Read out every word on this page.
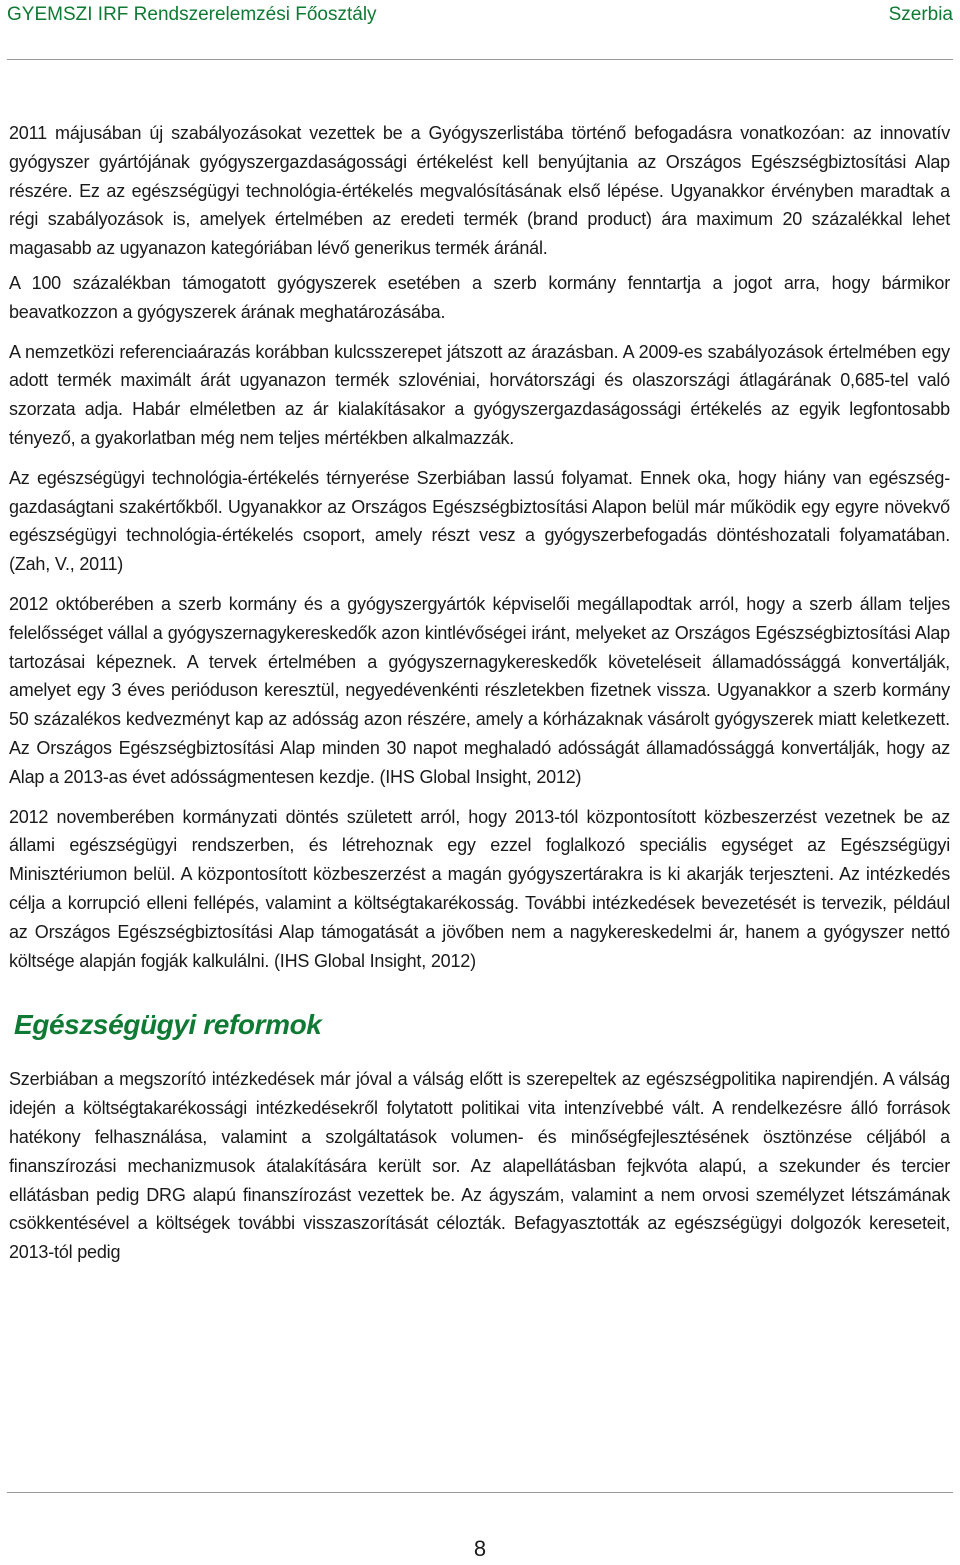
GYEMSZI IRF Rendszerelemzési Főosztály	Szerbia

2011 májusában új szabályozásokat vezettek be a Gyógyszerlistába történő befogadásra vonatkozóan: az innovatív gyógyszer gyártójának gyógyszergazdaságossági értékelést kell benyújtania az Országos Egészségbiztosítási Alap részére. Ez az egészségügyi technológia-értékelés megvalósításának első lépése. Ugyanakkor érvényben maradtak a régi szabályozások is, amelyek értelmében az eredeti termék (brand product) ára maximum 20 százalékkal lehet magasabb az ugyanazon kategóriában lévő generikus termék áránál.

A 100 százalékban támogatott gyógyszerek esetében a szerb kormány fenntartja a jogot arra, hogy bármikor beavatkozzon a gyógyszerek árának meghatározásába.

A nemzetközi referenciaárazás korábban kulcsszerepet játszott az árazásban. A 2009-es szabályozások értelmében egy adott termék maximált árát ugyanazon termék szlovéniai, horvátországi és olaszországi átlagárának 0,685-tel való szorzata adja. Habár elméletben az ár kialakításakor a gyógyszergazdaságossági értékelés az egyik legfontosabb tényező, a gyakorlatban még nem teljes mértékben alkalmazzák.

Az egészségügyi technológia-értékelés térnyerése Szerbiában lassú folyamat. Ennek oka, hogy hiány van egészség-gazdaságtani szakértőkből. Ugyanakkor az Országos Egészségbiztosítási Alapon belül már működik egy egyre növekvő egészségügyi technológia-értékelés csoport, amely részt vesz a gyógyszerbefogadás döntéshozatali folyamatában. (Zah, V., 2011)

2012 októberében a szerb kormány és a gyógyszergyártók képviselői megállapodtak arról, hogy a szerb állam teljes felelősséget vállal a gyógyszernagykereskedők azon kintlévőségei iránt, melyeket az Országos Egészségbiztosítási Alap tartozásai képeznek. A tervek értelmében a gyógyszernagykereskedők követeléseit államadóssággá konvertálják, amelyet egy 3 éves perióduson keresztül, negyedévenkénti részletekben fizetnek vissza. Ugyanakkor a szerb kormány 50 százalékos kedvezményt kap az adósság azon részére, amely a kórházaknak vásárolt gyógyszerek miatt keletkezett. Az Országos Egészségbiztosítási Alap minden 30 napot meghaladó adósságát államadóssággá konvertálják, hogy az Alap a 2013-as évet adósságmentesen kezdje. (IHS Global Insight, 2012)

2012 novemberében kormányzati döntés született arról, hogy 2013-tól központosított közbeszerzést vezetnek be az állami egészségügyi rendszerben, és létrehoznak egy ezzel foglalkozó speciális egységet az Egészségügyi Minisztériumon belül. A központosított közbeszerzést a magán gyógyszertárakra is ki akarják terjeszteni. Az intézkedés célja a korrupció elleni fellépés, valamint a költségtakarékosság. További intézkedések bevezetését is tervezik, például az Országos Egészségbiztosítási Alap támogatását a jövőben nem a nagykereskedelmi ár, hanem a gyógyszer nettó költsége alapján fogják kalkulálni. (IHS Global Insight, 2012)

Egészségügyi reformok

Szerbiában a megszorító intézkedések már jóval a válság előtt is szerepeltek az egészségpolitika napirendjén. A válság idején a költségtakarékossági intézkedésekről folytatott politikai vita intenzívebbé vált. A rendelkezésre álló források hatékony felhasználása, valamint a szolgáltatások volumen- és minőségfejlesztésének ösztönzése céljából a finanszírozási mechanizmusok átalakítására került sor. Az alapellátásban fejkvóta alapú, a szekunder és tercier ellátásban pedig DRG alapú finanszírozást vezettek be. Az ágyszám, valamint a nem orvosi személyzet létszámának csökkentésével a költségek további visszaszorítását célozták. Befagyasztották az egészségügyi dolgozók kereseteit, 2013-tól pedig

8
